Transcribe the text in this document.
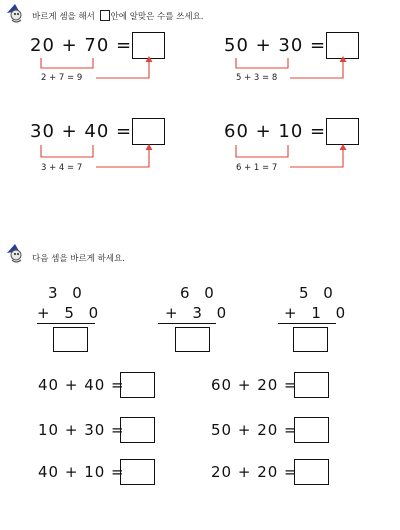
바르게 셈을 해서 안에 알맞은 수를 쓰세요.
20 + 70 =
2 + 7 = 9
50 + 30 =
5 + 3 = 8
30 + 40 =
3 + 4 = 7
60 + 10 =
6 + 1 = 7
다음 셈을 바르게 하세요.
3 0
+ 5 0
6 0
+ 3 0
5 0
+ 1 0
40 + 40 =	60 + 20 =
10 + 30 =	50 + 20 =
40 + 10 =	20 + 20 =
